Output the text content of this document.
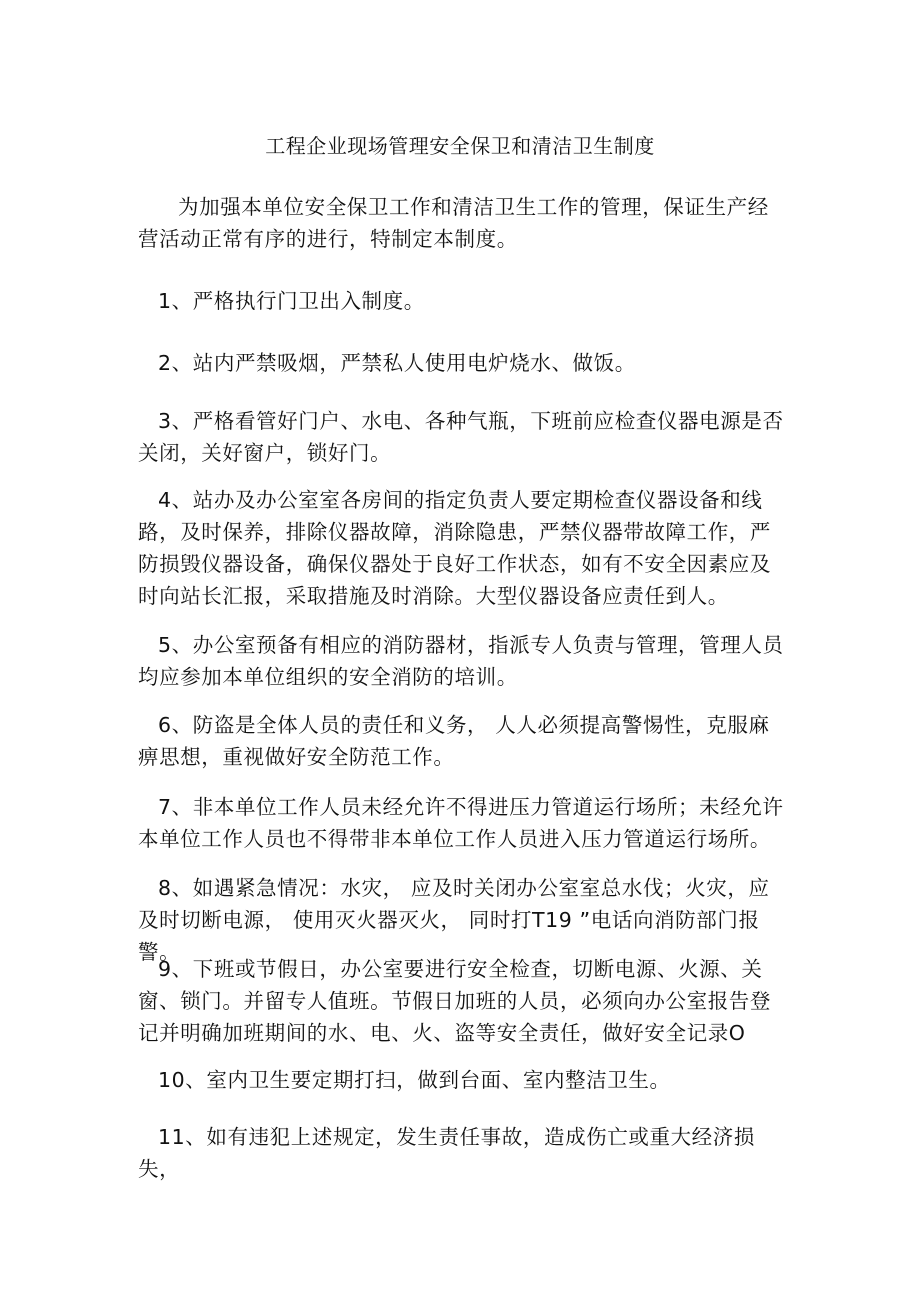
工程企业现场管理安全保卫和清洁卫生制度
为加强本单位安全保卫工作和清洁卫生工作的管理，保证生产经营活动正常有序的进行，特制定本制度。
1、严格执行门卫出入制度。
2、站内严禁吸烟，严禁私人使用电炉烧水、做饭。
3、严格看管好门户、水电、各种气瓶，下班前应检查仪器电源是否关闭，关好窗户，锁好门。
4、站办及办公室室各房间的指定负责人要定期检查仪器设备和线路，及时保养，排除仪器故障，消除隐患，严禁仪器带故障工作，严防损毁仪器设备，确保仪器处于良好工作状态，如有不安全因素应及时向站长汇报，采取措施及时消除。大型仪器设备应责任到人。
5、办公室预备有相应的消防器材，指派专人负责与管理，管理人员均应参加本单位组织的安全消防的培训。
6、防盗是全体人员的责任和义务， 人人必须提高警惕性，克服麻痹思想，重视做好安全防范工作。
7、非本单位工作人员未经允许不得进压力管道运行场所；未经允许本单位工作人员也不得带非本单位工作人员进入压力管道运行场所。
8、如遇紧急情况：水灾， 应及时关闭办公室室总水伐；火灾，应及时切断电源， 使用灭火器灭火， 同时打T19 ”电话向消防部门报警。
9、下班或节假日，办公室要进行安全检查，切断电源、火源、关窗、锁门。并留专人值班。节假日加班的人员，必须向办公室报告登记并明确加班期间的水、电、火、盗等安全责任，做好安全记录O
10、室内卫生要定期打扫，做到台面、室内整洁卫生。
11、如有违犯上述规定，发生责任事故，造成伤亡或重大经济损失，
